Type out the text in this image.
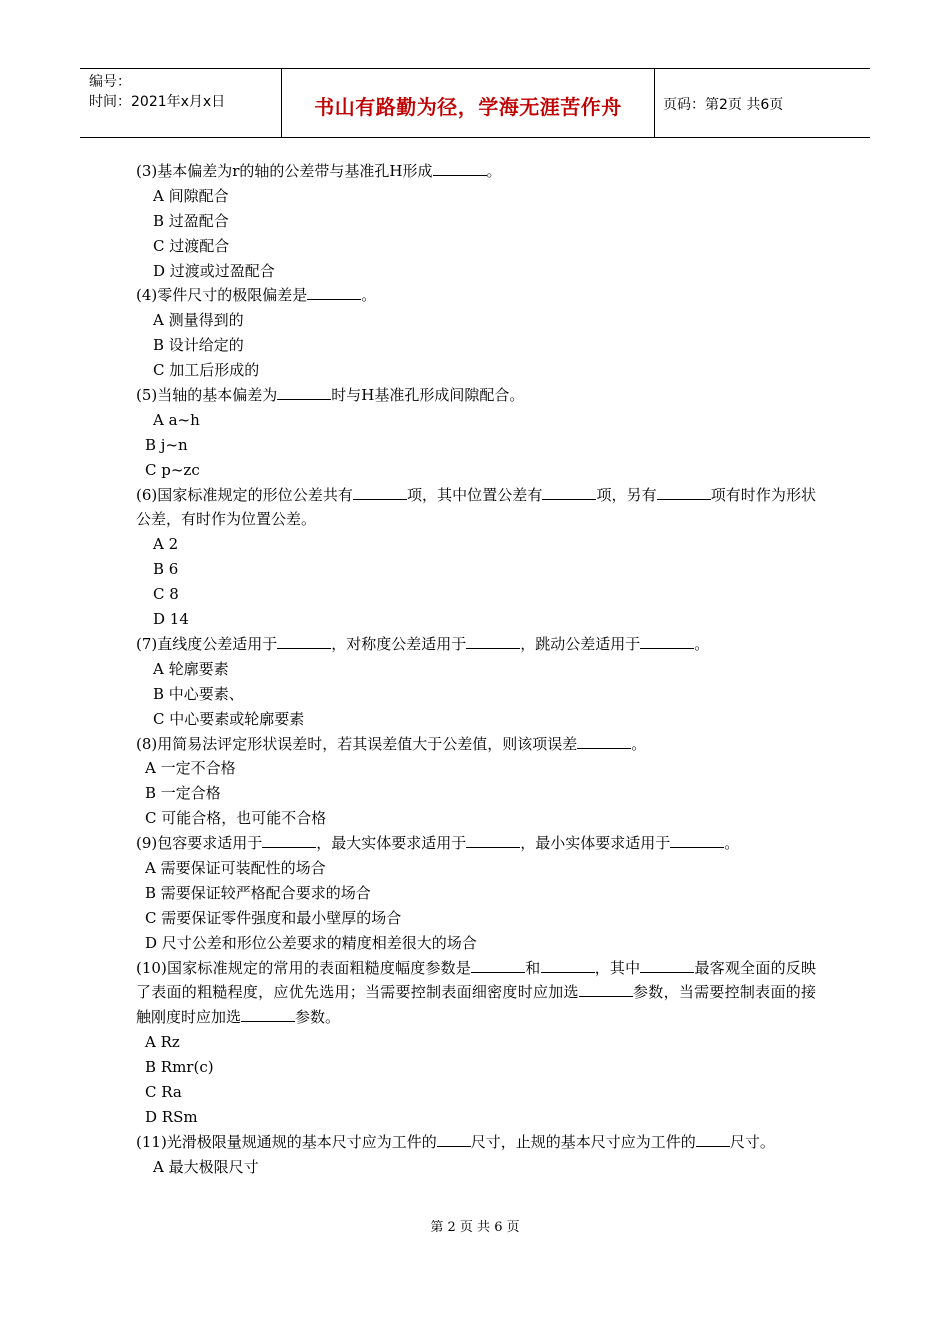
编号：
时间：2021年x月x日	书山有路勤为径，学海无涯苦作舟	页码：第2页 共6页
(3)基本偏差为r的轴的公差带与基准孔H形成	。
A 间隙配合
B 过盈配合
C 过渡配合
D 过渡或过盈配合
(4)零件尺寸的极限偏差是	。
A 测量得到的
B 设计给定的
C 加工后形成的
(5)当轴的基本偏差为	时与H基准孔形成间隙配合。
A a~h
B j~n
C p~zc
(6)国家标准规定的形位公差共有	项，其中位置公差有	项，另有	项有时作为形状公差，有时作为位置公差。
A 2
B 6
C 8
D 14
(7)直线度公差适用于	，对称度公差适用于	，跳动公差适用于	。
A 轮廓要素
B 中心要素、
C 中心要素或轮廓要素
(8)用简易法评定形状误差时，若其误差值大于公差值，则该项误差	。
A 一定不合格
B 一定合格
C 可能合格，也可能不合格
(9)包容要求适用于	，最大实体要求适用于	，最小实体要求适用于	。
A 需要保证可装配性的场合
B 需要保证较严格配合要求的场合
C 需要保证零件强度和最小壁厚的场合
D 尺寸公差和形位公差要求的精度相差很大的场合
(10)国家标准规定的常用的表面粗糙度幅度参数是	和	，其中	最客观全面的反映了表面的粗糙程度，应优先选用；当需要控制表面细密度时应加选	参数，当需要控制表面的接触刚度时应加选	参数。
A Rz
B Rmr(c)
C Ra
D RSm
(11)光滑极限量规通规的基本尺寸应为工件的 尺寸，止规的基本尺寸应为工件的 尺寸。
A 最大极限尺寸
第 2 页 共 6 页
